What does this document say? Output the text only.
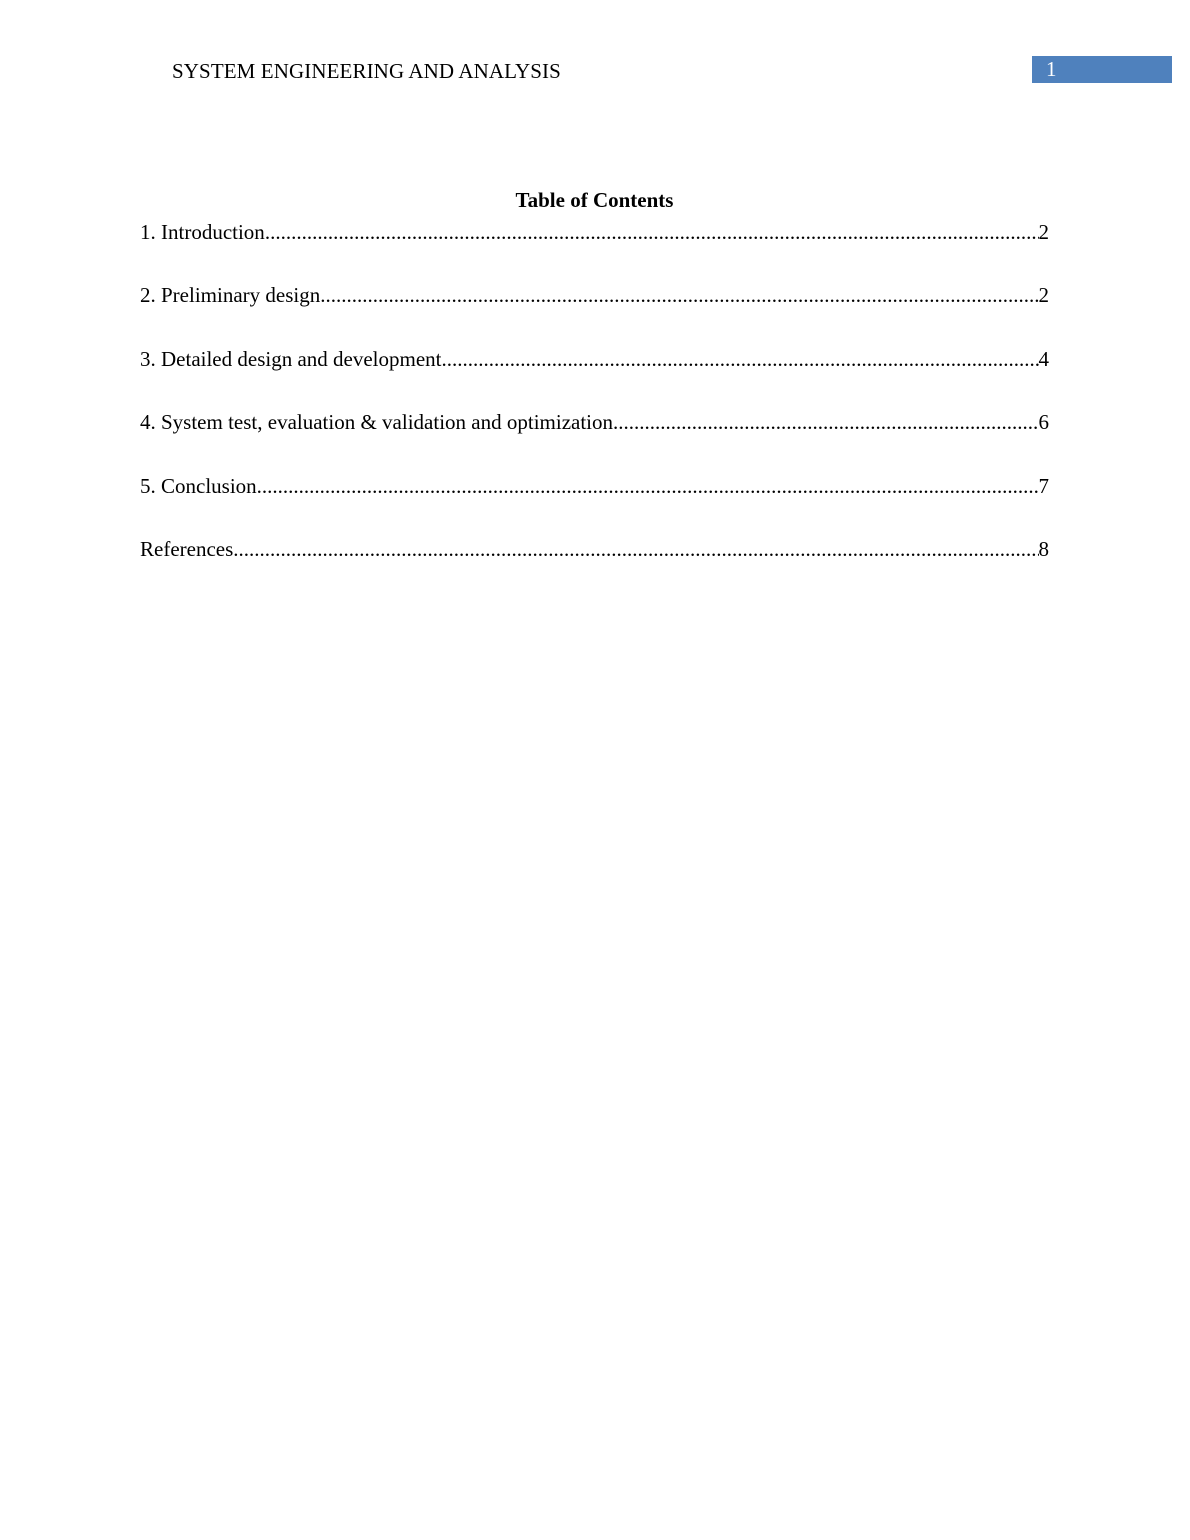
SYSTEM ENGINEERING AND ANALYSIS	1
Table of Contents
1. Introduction .....	2
2. Preliminary design .....	2
3. Detailed design and development .....	4
4. System test, evaluation & validation and optimization .....	6
5. Conclusion .....	7
References .....	8
